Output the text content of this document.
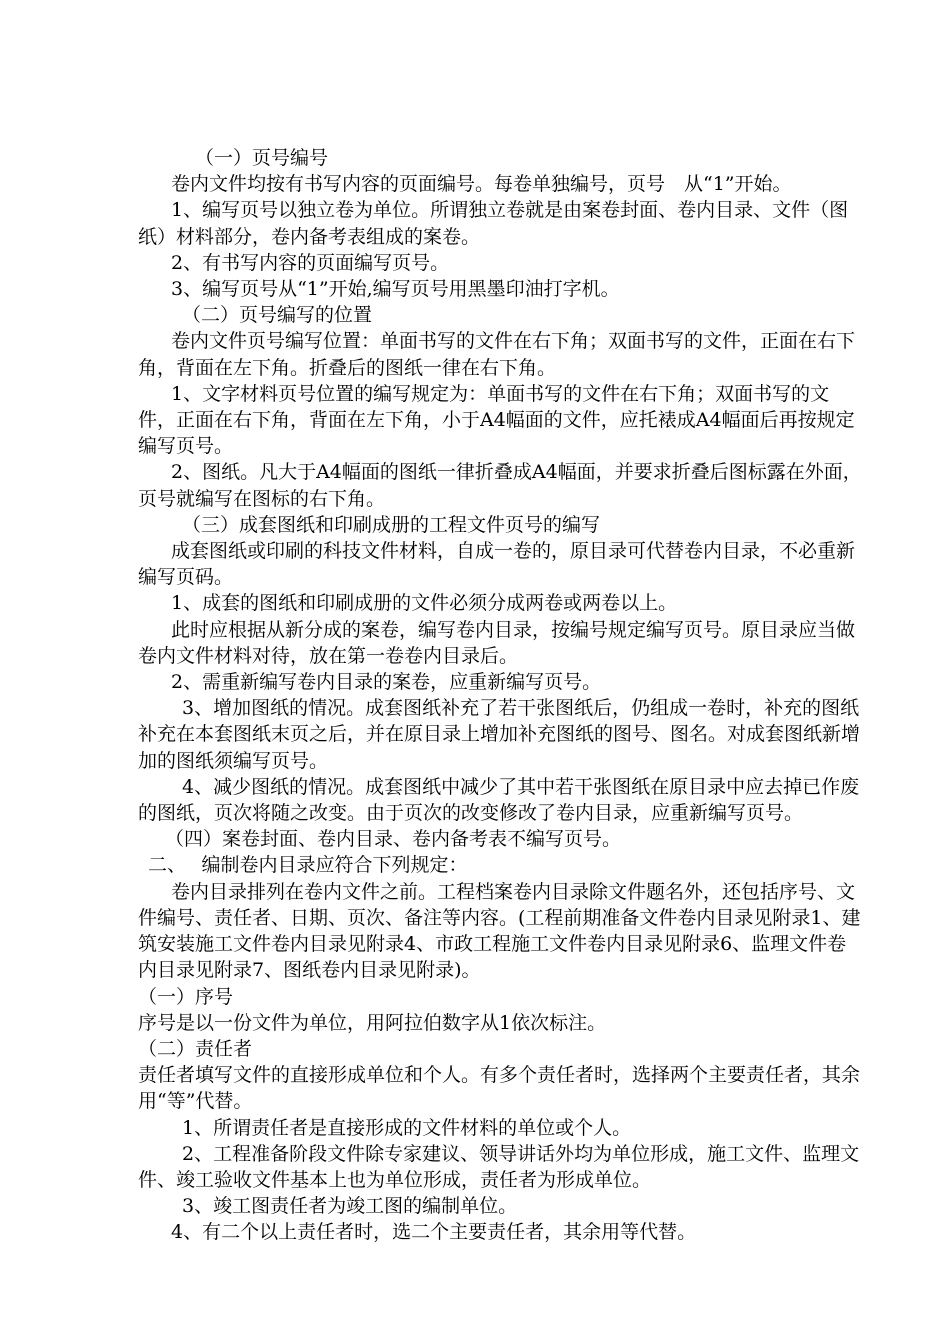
（一）页号编号

卷内文件均按有书写内容的页面编号。每卷单独编号，页号　从“1”开始。

1、编写页号以独立卷为单位。所谓独立卷就是由案卷封面、卷内目录、文件（图纸）材料部分，卷内备考表组成的案卷。

2、有书写内容的页面编写页号。

3、编写页号从“1”开始,编写页号用黑墨印油打字机。

（二）页号编写的位置

卷内文件页号编写位置：单面书写的文件在右下角；双面书写的文件，正面在右下角，背面在左下角。折叠后的图纸一律在右下角。

1、文字材料页号位置的编写规定为：单面书写的文件在右下角；双面书写的文件，正面在右下角，背面在左下角，小于A4幅面的文件，应托裱成A4幅面后再按规定编写页号。

2、图纸。凡大于A4幅面的图纸一律折叠成A4幅面，并要求折叠后图标露在外面，页号就编写在图标的右下角。

（三）成套图纸和印刷成册的工程文件页号的编写

成套图纸或印刷的科技文件材料，自成一卷的，原目录可代替卷内目录，不必重新编写页码。

1、成套的图纸和印刷成册的文件必须分成两卷或两卷以上。

此时应根据从新分成的案卷，编写卷内目录，按编号规定编写页号。原目录应当做卷内文件材料对待，放在第一卷卷内目录后。

2、需重新编写卷内目录的案卷，应重新编写页号。

3、增加图纸的情况。成套图纸补充了若干张图纸后，仍组成一卷时，补充的图纸补充在本套图纸末页之后，并在原目录上增加补充图纸的图号、图名。对成套图纸新增加的图纸须编写页号。

4、减少图纸的情况。成套图纸中减少了其中若干张图纸在原目录中应去掉已作废的图纸，页次将随之改变。由于页次的改变修改了卷内目录，应重新编写页号。

（四）案卷封面、卷内目录、卷内备考表不编写页号。

二、　 编制卷内目录应符合下列规定：

卷内目录排列在卷内文件之前。工程档案卷内目录除文件题名外，还包括序号、文件编号、责任者、日期、页次、备注等内容。(工程前期准备文件卷内目录见附录1、建筑安装施工文件卷内目录见附录4、市政工程施工文件卷内目录见附录6、监理文件卷内目录见附录7、图纸卷内目录见附录)。

（一）序号

序号是以一份文件为单位，用阿拉伯数字从1依次标注。

（二）责任者

责任者填写文件的直接形成单位和个人。有多个责任者时，选择两个主要责任者，其余用“等”代替。

1、所谓责任者是直接形成的文件材料的单位或个人。

2、工程准备阶段文件除专家建议、领导讲话外均为单位形成，施工文件、监理文件、竣工验收文件基本上也为单位形成，责任者为形成单位。

3、竣工图责任者为竣工图的编制单位。

4、有二个以上责任者时，选二个主要责任者，其余用等代替。
